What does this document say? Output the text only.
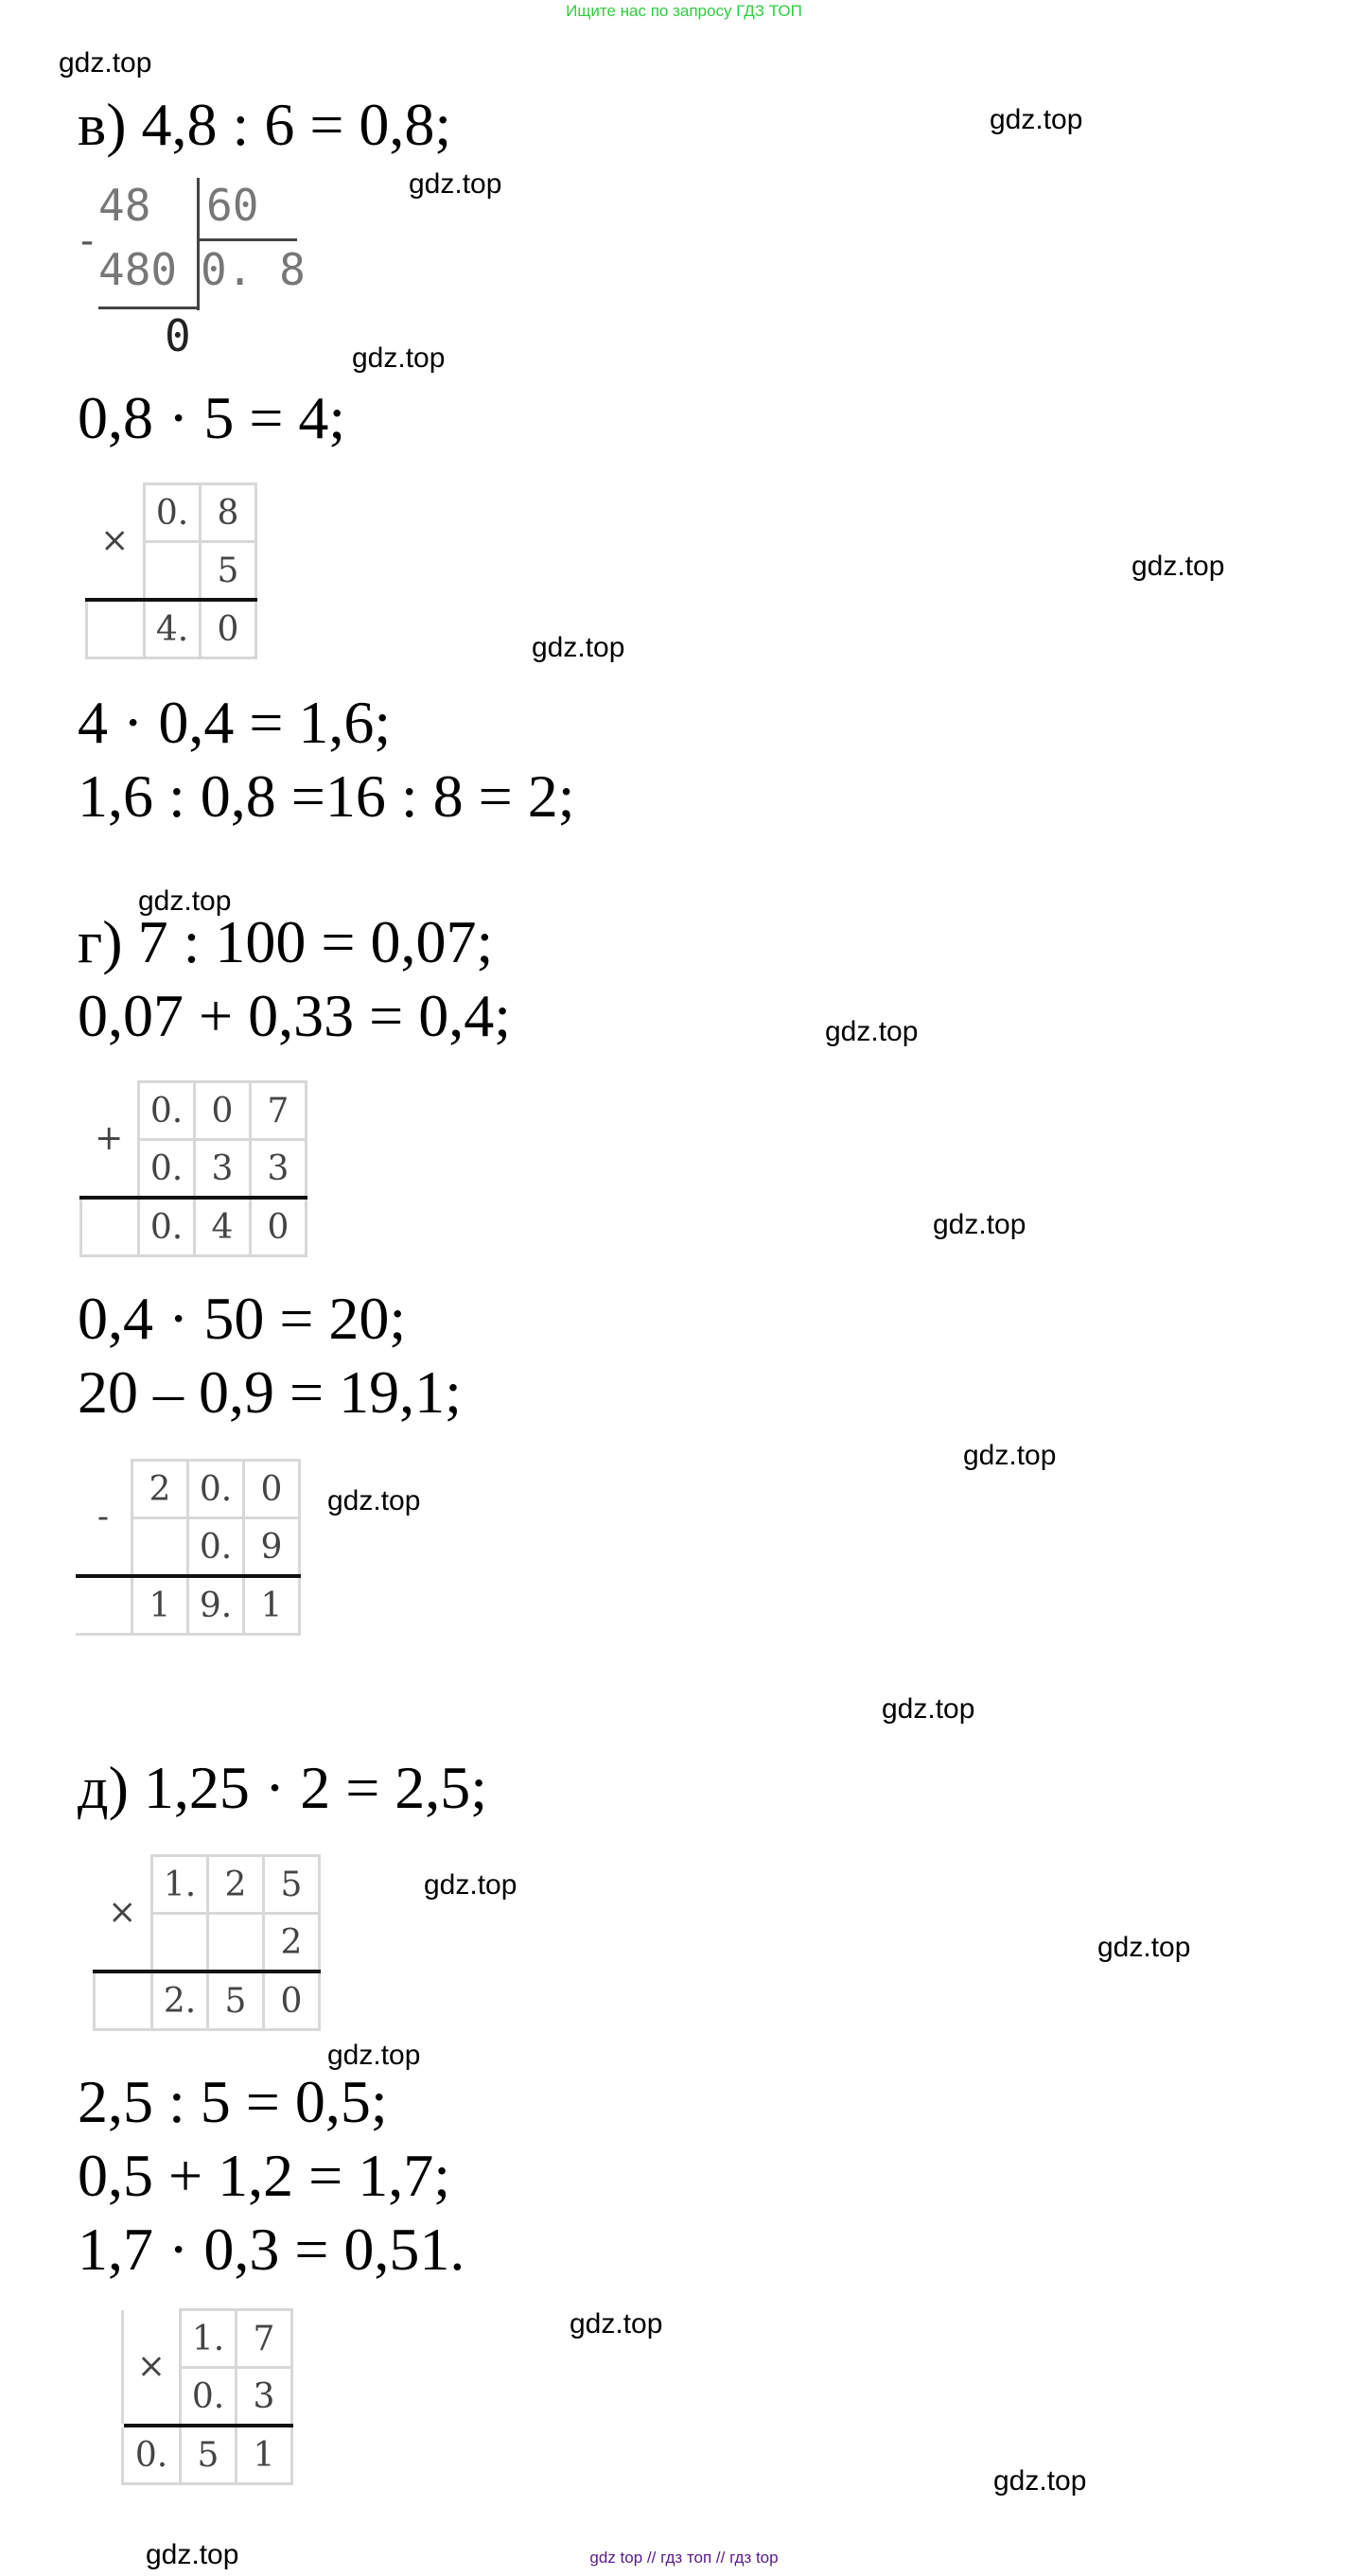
Ищите нас по запросу ГДЗ ТОП
gdz.top
gdz.top
gdz.top
gdz.top
gdz.top
gdz.top
gdz.top
gdz.top
gdz.top
gdz.top
gdz.top
gdz.top
gdz.top
gdz.top
gdz.top
gdz.top
gdz.top
gdz.top
в) 4,8 : 6 = 0,8;
48 60
-
480 0. 8
0
0,8 · 5 = 4;
×	0.	8
		5
	4.	0
4 · 0,4 = 1,6;
1,6 : 0,8 =16 : 8 = 2;
г) 7 : 100 = 0,07;
0,07 + 0,33 = 0,4;
+	0.	0	7
	0.	3	3
	0.	4	0
0,4 · 50 = 20;
20 – 0,9 = 19,1;
-	2	0.	0
		0.	9
	1	9.	1
д) 1,25 · 2 = 2,5;
×	1.	2	5
			2
	2.	5	0
2,5 : 5 = 0,5;
0,5 + 1,2 = 1,7;
1,7 · 0,3 = 0,51.
	×	1.	7
		0.	3
	0.	5	1
gdz top // гдз топ // гдз top
